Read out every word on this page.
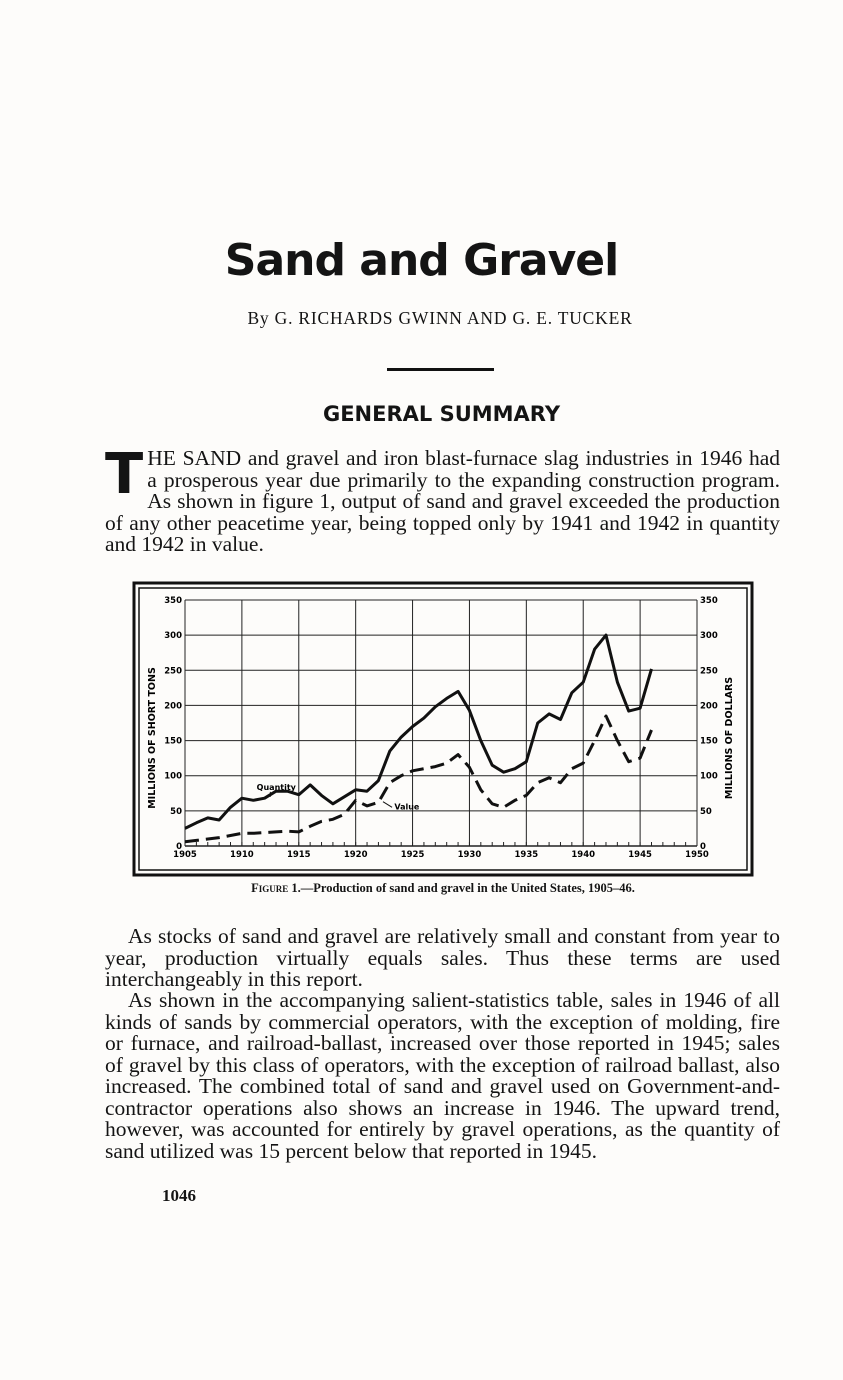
Sand and Gravel

By G. RICHARDS GWINN AND G. E. TUCKER

GENERAL SUMMARY

THE SAND and gravel and iron blast-furnace slag industries in 1946 had a prosperous year due primarily to the expanding construction program. As shown in figure 1, output of sand and gravel exceeded the production of any other peacetime year, being topped only by 1941 and 1942 in quantity and 1942 in value.

0
50
100
150
200
250
300
350
0
50
100
150
200
250
300
350
1905	1910	1915	1920	1925	1930	1935	1940	1945	1950
Quantity
Value
MILLIONS OF SHORT TONS	MILLIONS OF DOLLARS

Figure 1.—Production of sand and gravel in the United States, 1905–46.

As stocks of sand and gravel are relatively small and constant from year to year, production virtually equals sales. Thus these terms are used interchangeably in this report.

As shown in the accompanying salient-statistics table, sales in 1946 of all kinds of sands by commercial operators, with the exception of molding, fire or furnace, and railroad-ballast, increased over those reported in 1945; sales of gravel by this class of operators, with the exception of railroad ballast, also increased. The combined total of sand and gravel used on Government-and-contractor operations also shows an increase in 1946. The upward trend, however, was accounted for entirely by gravel operations, as the quantity of sand utilized was 15 percent below that reported in 1945.

1046
